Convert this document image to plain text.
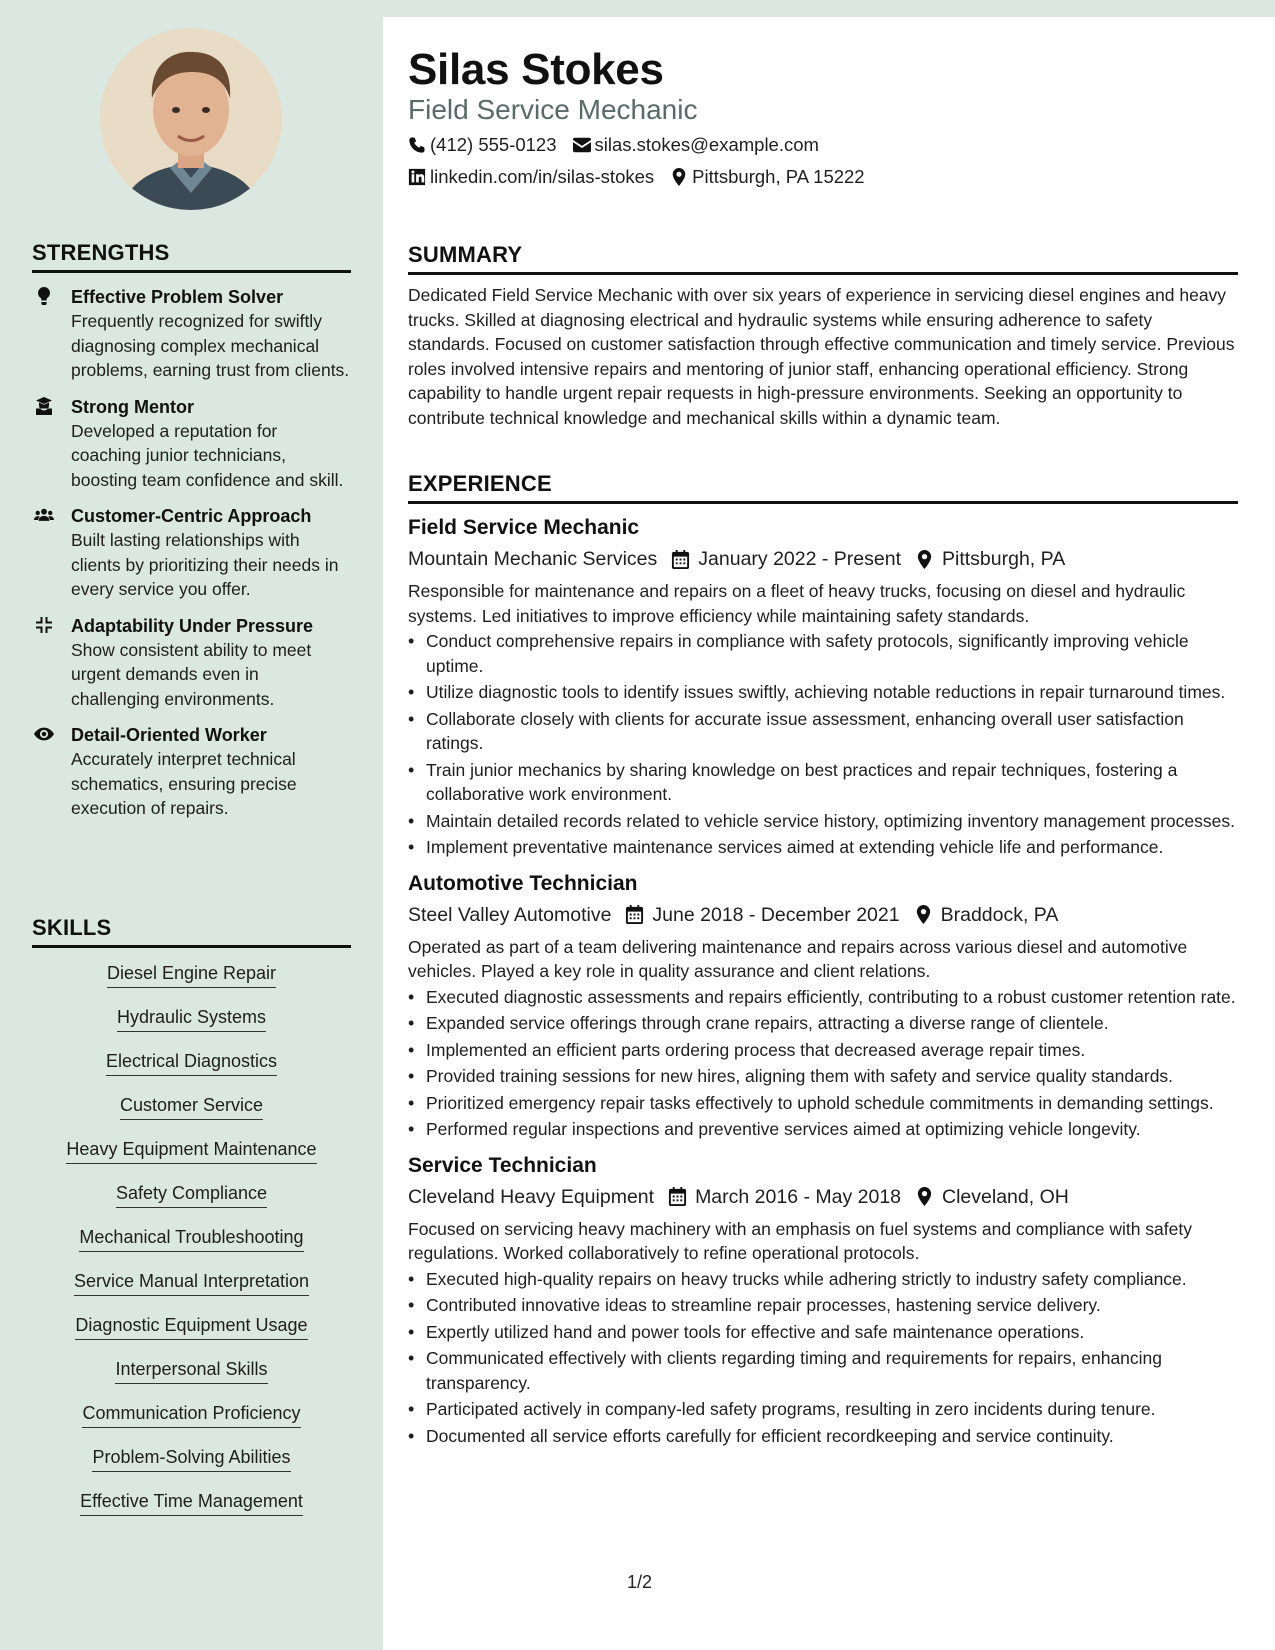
STRENGTHS
Effective Problem Solver
Frequently recognized for swiftly diagnosing complex mechanical problems, earning trust from clients.
Strong Mentor
Developed a reputation for coaching junior technicians, boosting team confidence and skill.
Customer-Centric Approach
Built lasting relationships with clients by prioritizing their needs in every service you offer.
Adaptability Under Pressure
Show consistent ability to meet urgent demands even in challenging environments.
Detail-Oriented Worker
Accurately interpret technical schematics, ensuring precise execution of repairs.
SKILLS
Diesel Engine Repair
Hydraulic Systems
Electrical Diagnostics
Customer Service
Heavy Equipment Maintenance
Safety Compliance
Mechanical Troubleshooting
Service Manual Interpretation
Diagnostic Equipment Usage
Interpersonal Skills
Communication Proficiency
Problem-Solving Abilities
Effective Time Management
Silas Stokes
Field Service Mechanic
(412) 555-0123 silas.stokes@example.com
linkedin.com/in/silas-stokes Pittsburgh, PA 15222
SUMMARY

Dedicated Field Service Mechanic with over six years of experience in servicing diesel engines and heavy trucks. Skilled at diagnosing electrical and hydraulic systems while ensuring adherence to safety standards. Focused on customer satisfaction through effective communication and timely service. Previous roles involved intensive repairs and mentoring of junior staff, enhancing operational efficiency. Strong capability to handle urgent repair requests in high-pressure environments. Seeking an opportunity to contribute technical knowledge and mechanical skills within a dynamic team.

EXPERIENCE
Field Service Mechanic
Mountain Mechanic Services January 2022 - Present Pittsburgh, PA
Responsible for maintenance and repairs on a fleet of heavy trucks, focusing on diesel and hydraulic systems. Led initiatives to improve efficiency while maintaining safety standards.
• Conduct comprehensive repairs in compliance with safety protocols, significantly improving vehicle uptime.
• Utilize diagnostic tools to identify issues swiftly, achieving notable reductions in repair turnaround times.
• Collaborate closely with clients for accurate issue assessment, enhancing overall user satisfaction ratings.
• Train junior mechanics by sharing knowledge on best practices and repair techniques, fostering a collaborative work environment.
• Maintain detailed records related to vehicle service history, optimizing inventory management processes.
• Implement preventative maintenance services aimed at extending vehicle life and performance.
Automotive Technician
Steel Valley Automotive June 2018 - December 2021 Braddock, PA
Operated as part of a team delivering maintenance and repairs across various diesel and automotive vehicles. Played a key role in quality assurance and client relations.
• Executed diagnostic assessments and repairs efficiently, contributing to a robust customer retention rate.
• Expanded service offerings through crane repairs, attracting a diverse range of clientele.
• Implemented an efficient parts ordering process that decreased average repair times.
• Provided training sessions for new hires, aligning them with safety and service quality standards.
• Prioritized emergency repair tasks effectively to uphold schedule commitments in demanding settings.
• Performed regular inspections and preventive services aimed at optimizing vehicle longevity.
Service Technician
Cleveland Heavy Equipment March 2016 - May 2018 Cleveland, OH
Focused on servicing heavy machinery with an emphasis on fuel systems and compliance with safety regulations. Worked collaboratively to refine operational protocols.
• Executed high-quality repairs on heavy trucks while adhering strictly to industry safety compliance.
• Contributed innovative ideas to streamline repair processes, hastening service delivery.
• Expertly utilized hand and power tools for effective and safe maintenance operations.
• Communicated effectively with clients regarding timing and requirements for repairs, enhancing transparency.
• Participated actively in company-led safety programs, resulting in zero incidents during tenure.
• Documented all service efforts carefully for efficient recordkeeping and service continuity.
1/2
